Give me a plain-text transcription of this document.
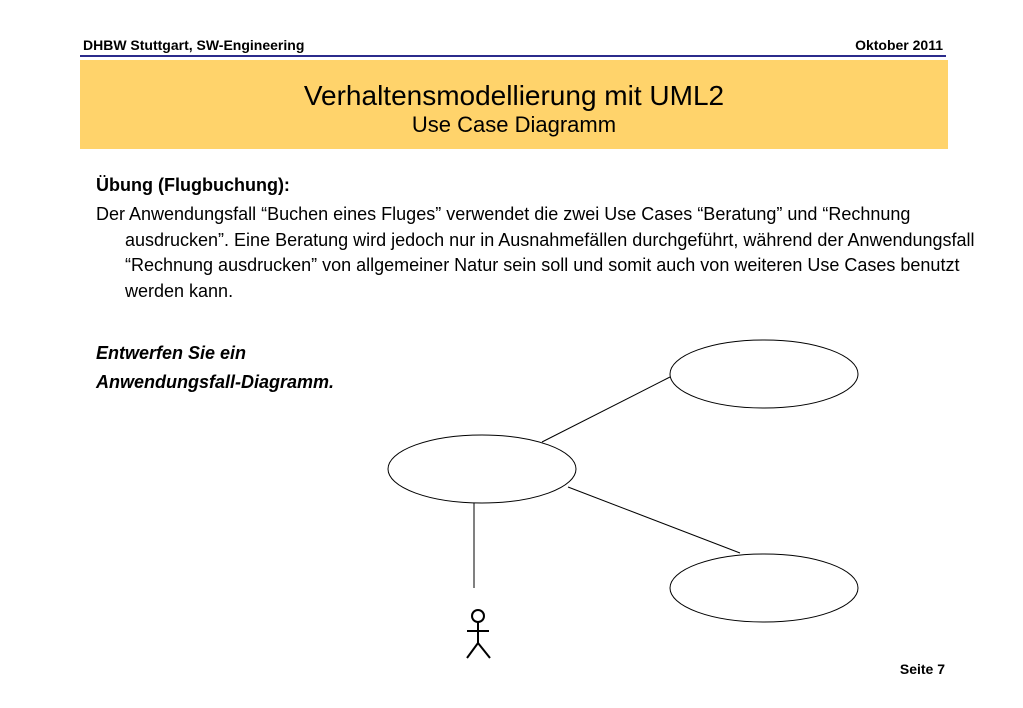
DHBW Stuttgart, SW-Engineering	Oktober 2011
Verhaltensmodellierung mit UML2
Use Case Diagramm
Übung (Flugbuchung):
Der Anwendungsfall “Buchen eines Fluges” verwendet die zwei Use Cases “Beratung” und “Rechnung ausdrucken”. Eine Beratung wird jedoch nur in Ausnahmefällen durchgeführt, während der Anwendungsfall “Rechnung ausdrucken” von allgemeiner Natur sein soll und somit auch von weiteren Use Cases benutzt werden kann.
Entwerfen Sie ein
Anwendungsfall-Diagramm.
Seite 7
